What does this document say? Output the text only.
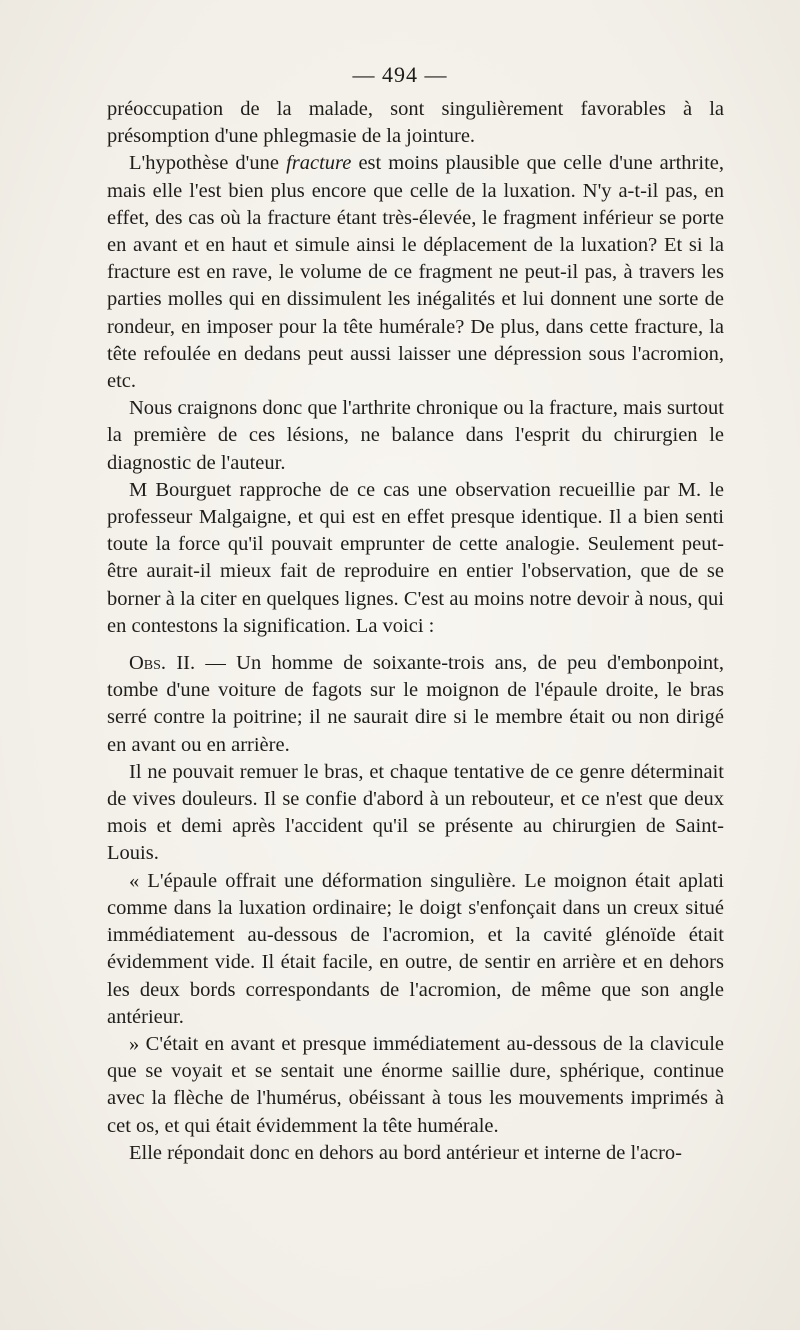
— 494 —

préoccupation de la malade, sont singulièrement favorables à la présomption d'une phlegmasie de la jointure.

L'hypothèse d'une fracture est moins plausible que celle d'une arthrite, mais elle l'est bien plus encore que celle de la luxation. N'y a-t-il pas, en effet, des cas où la fracture étant très-élevée, le fragment inférieur se porte en avant et en haut et simule ainsi le déplacement de la luxation? Et si la fracture est en rave, le volume de ce fragment ne peut-il pas, à travers les parties molles qui en dissimulent les inégalités et lui donnent une sorte de rondeur, en imposer pour la tête humérale? De plus, dans cette fracture, la tête refoulée en dedans peut aussi laisser une dépression sous l'acromion, etc.

Nous craignons donc que l'arthrite chronique ou la fracture, mais surtout la première de ces lésions, ne balance dans l'esprit du chirurgien le diagnostic de l'auteur.

M Bourguet rapproche de ce cas une observation recueillie par M. le professeur Malgaigne, et qui est en effet presque identique. Il a bien senti toute la force qu'il pouvait emprunter de cette analogie. Seulement peut-être aurait-il mieux fait de reproduire en entier l'observation, que de se borner à la citer en quelques lignes. C'est au moins notre devoir à nous, qui en contestons la signification. La voici :

Obs. II. — Un homme de soixante-trois ans, de peu d'embonpoint, tombe d'une voiture de fagots sur le moignon de l'épaule droite, le bras serré contre la poitrine; il ne saurait dire si le membre était ou non dirigé en avant ou en arrière.

Il ne pouvait remuer le bras, et chaque tentative de ce genre déterminait de vives douleurs. Il se confie d'abord à un rebouteur, et ce n'est que deux mois et demi après l'accident qu'il se présente au chirurgien de Saint-Louis.

« L'épaule offrait une déformation singulière. Le moignon était aplati comme dans la luxation ordinaire; le doigt s'enfonçait dans un creux situé immédiatement au-dessous de l'acromion, et la cavité glénoïde était évidemment vide. Il était facile, en outre, de sentir en arrière et en dehors les deux bords correspondants de l'acromion, de même que son angle antérieur.

» C'était en avant et presque immédiatement au-dessous de la clavicule que se voyait et se sentait une énorme saillie dure, sphérique, continue avec la flèche de l'humérus, obéissant à tous les mouvements imprimés à cet os, et qui était évidemment la tête humérale.

Elle répondait donc en dehors au bord antérieur et interne de l'acro-
